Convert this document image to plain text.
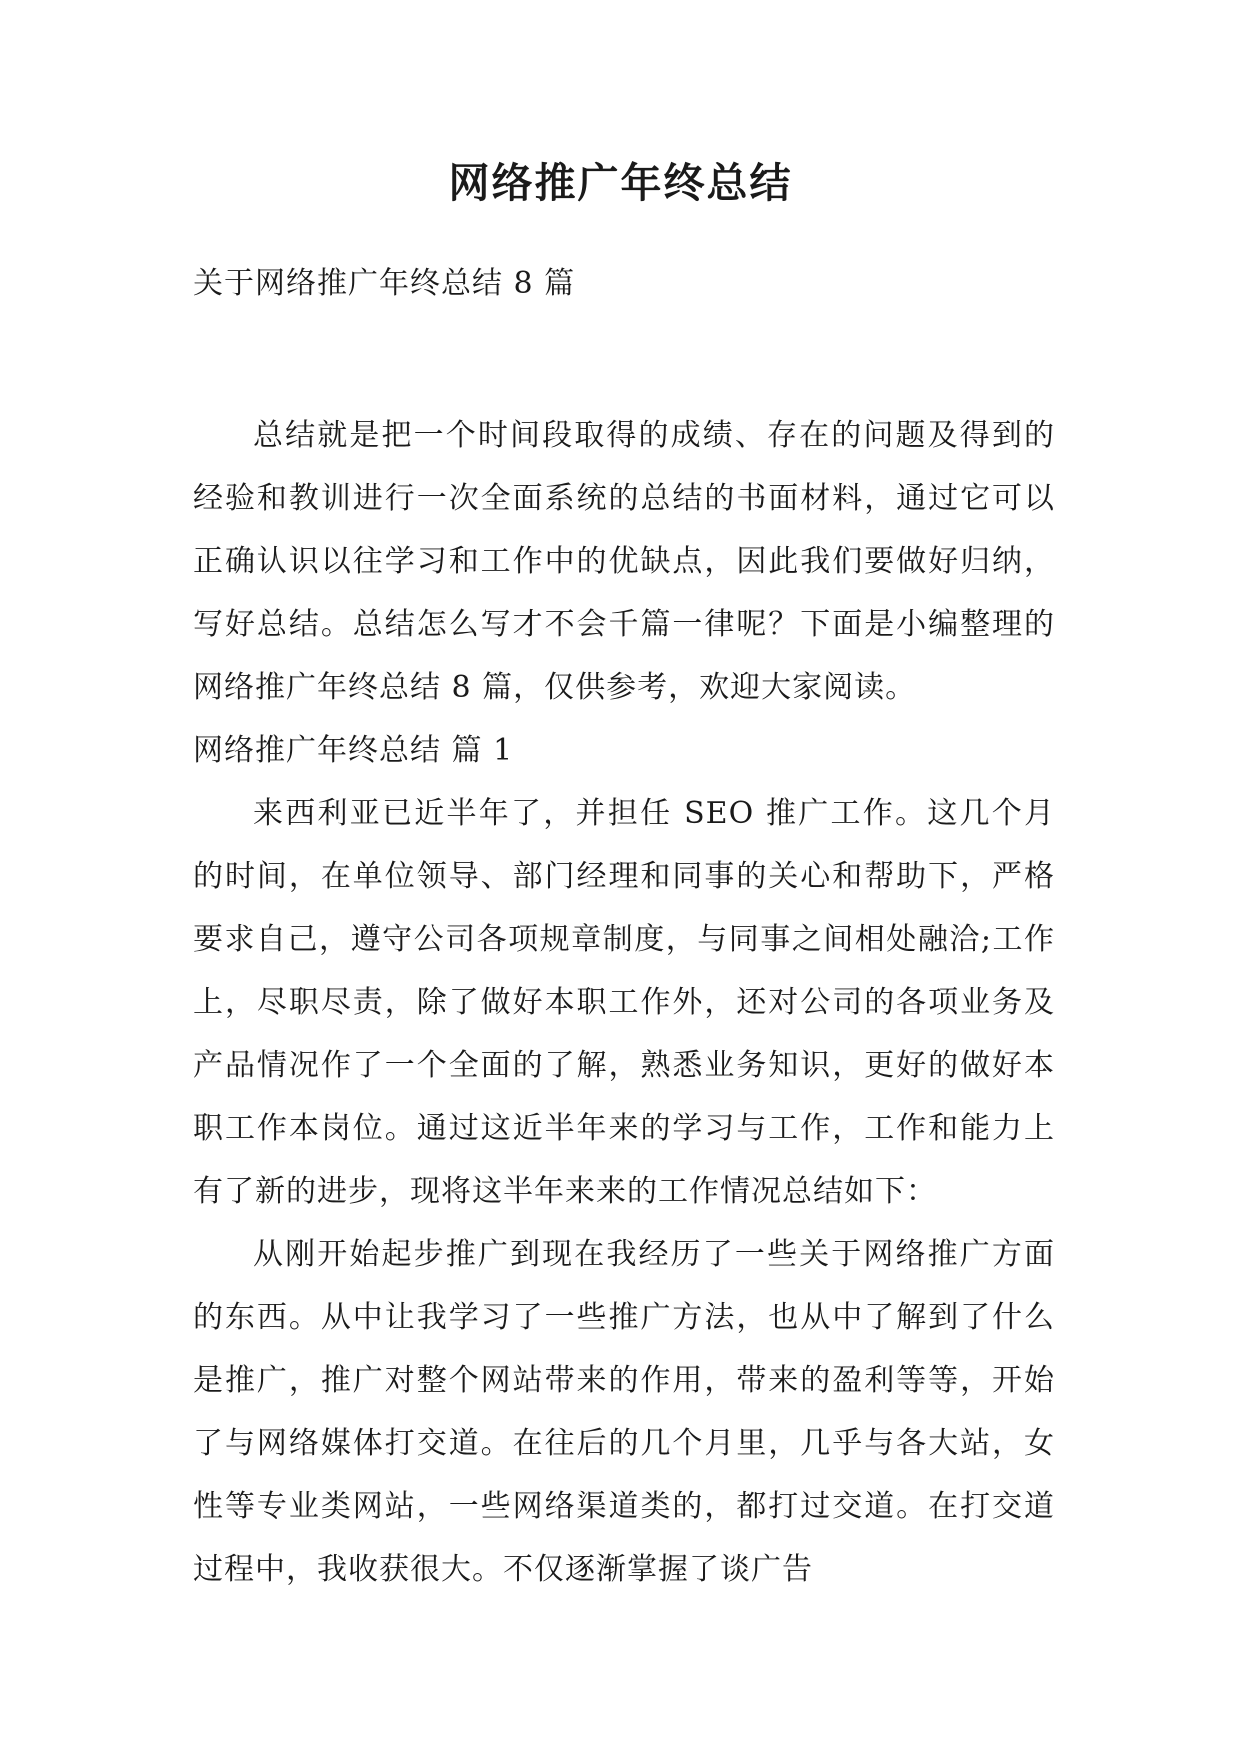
网络推广年终总结

关于网络推广年终总结 8 篇

总结就是把一个时间段取得的成绩、存在的问题及得到的经验和教训进行一次全面系统的总结的书面材料，通过它可以正确认识以往学习和工作中的优缺点，因此我们要做好归纳，写好总结。总结怎么写才不会千篇一律呢？下面是小编整理的网络推广年终总结 8 篇，仅供参考，欢迎大家阅读。

网络推广年终总结 篇 1

来西利亚已近半年了，并担任 SEO 推广工作。这几个月的时间，在单位领导、部门经理和同事的关心和帮助下，严格要求自己，遵守公司各项规章制度，与同事之间相处融洽;工作上，尽职尽责，除了做好本职工作外，还对公司的各项业务及产品情况作了一个全面的了解，熟悉业务知识，更好的做好本职工作本岗位。通过这近半年来的学习与工作，工作和能力上有了新的进步，现将这半年来来的工作情况总结如下：

从刚开始起步推广到现在我经历了一些关于网络推广方面的东西。从中让我学习了一些推广方法，也从中了解到了什么是推广，推广对整个网站带来的作用，带来的盈利等等，开始了与网络媒体打交道。在往后的几个月里，几乎与各大站，女性等专业类网站，一些网络渠道类的，都打过交道。在打交道过程中，我收获很大。不仅逐渐掌握了谈广告
